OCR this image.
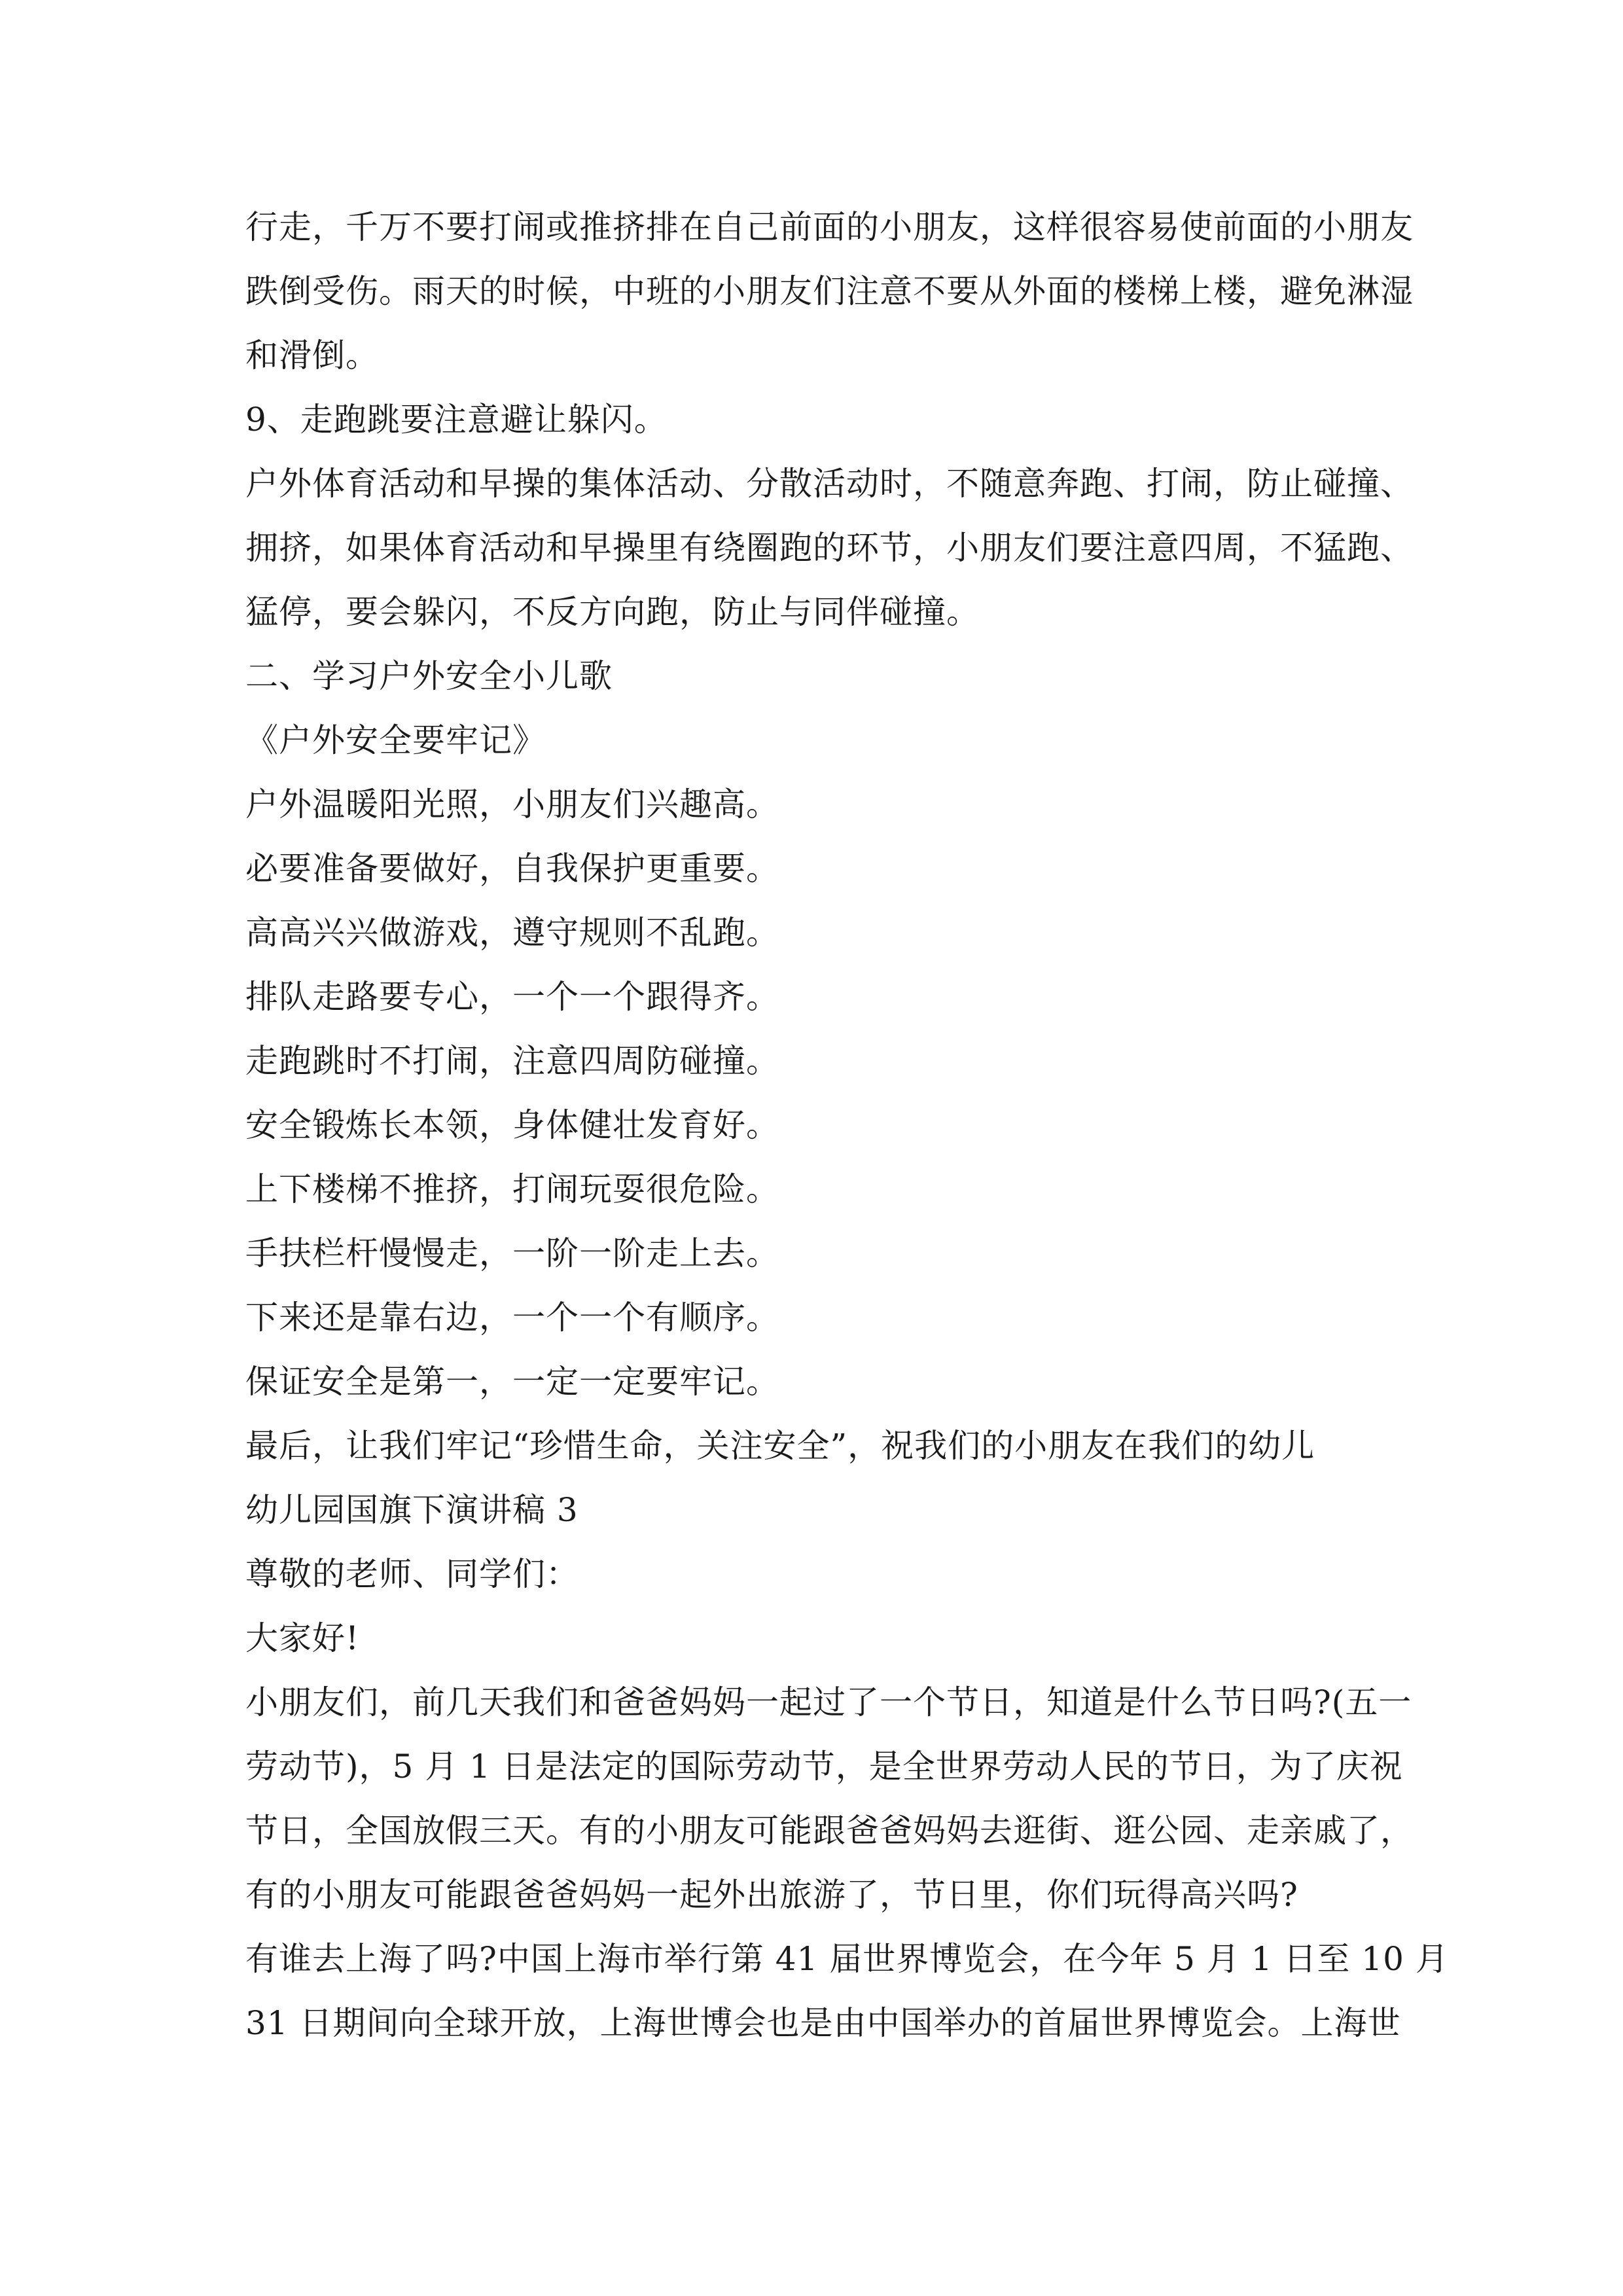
行走，千万不要打闹或推挤排在自己前面的小朋友，这样很容易使前面的小朋友
跌倒受伤。雨天的时候，中班的小朋友们注意不要从外面的楼梯上楼，避免淋湿
和滑倒。
9、走跑跳要注意避让躲闪。
户外体育活动和早操的集体活动、分散活动时，不随意奔跑、打闹，防止碰撞、
拥挤，如果体育活动和早操里有绕圈跑的环节，小朋友们要注意四周，不猛跑、
猛停，要会躲闪，不反方向跑，防止与同伴碰撞。
二、学习户外安全小儿歌
《户外安全要牢记》
户外温暖阳光照，小朋友们兴趣高。
必要准备要做好，自我保护更重要。
高高兴兴做游戏，遵守规则不乱跑。
排队走路要专心，一个一个跟得齐。
走跑跳时不打闹，注意四周防碰撞。
安全锻炼长本领，身体健壮发育好。
上下楼梯不推挤，打闹玩耍很危险。
手扶栏杆慢慢走，一阶一阶走上去。
下来还是靠右边，一个一个有顺序。
保证安全是第一，一定一定要牢记。
最后，让我们牢记“珍惜生命，关注安全”，祝我们的小朋友在我们的幼儿
幼儿园国旗下演讲稿 3
尊敬的老师、同学们：
大家好!
小朋友们，前几天我们和爸爸妈妈一起过了一个节日，知道是什么节日吗?(五一
劳动节)，5 月 1 日是法定的国际劳动节，是全世界劳动人民的节日，为了庆祝
节日，全国放假三天。有的小朋友可能跟爸爸妈妈去逛街、逛公园、走亲戚了，
有的小朋友可能跟爸爸妈妈一起外出旅游了，节日里，你们玩得高兴吗?
有谁去上海了吗?中国上海市举行第 41 届世界博览会，在今年 5 月 1 日至 10 月
31 日期间向全球开放，上海世博会也是由中国举办的首届世界博览会。上海世
